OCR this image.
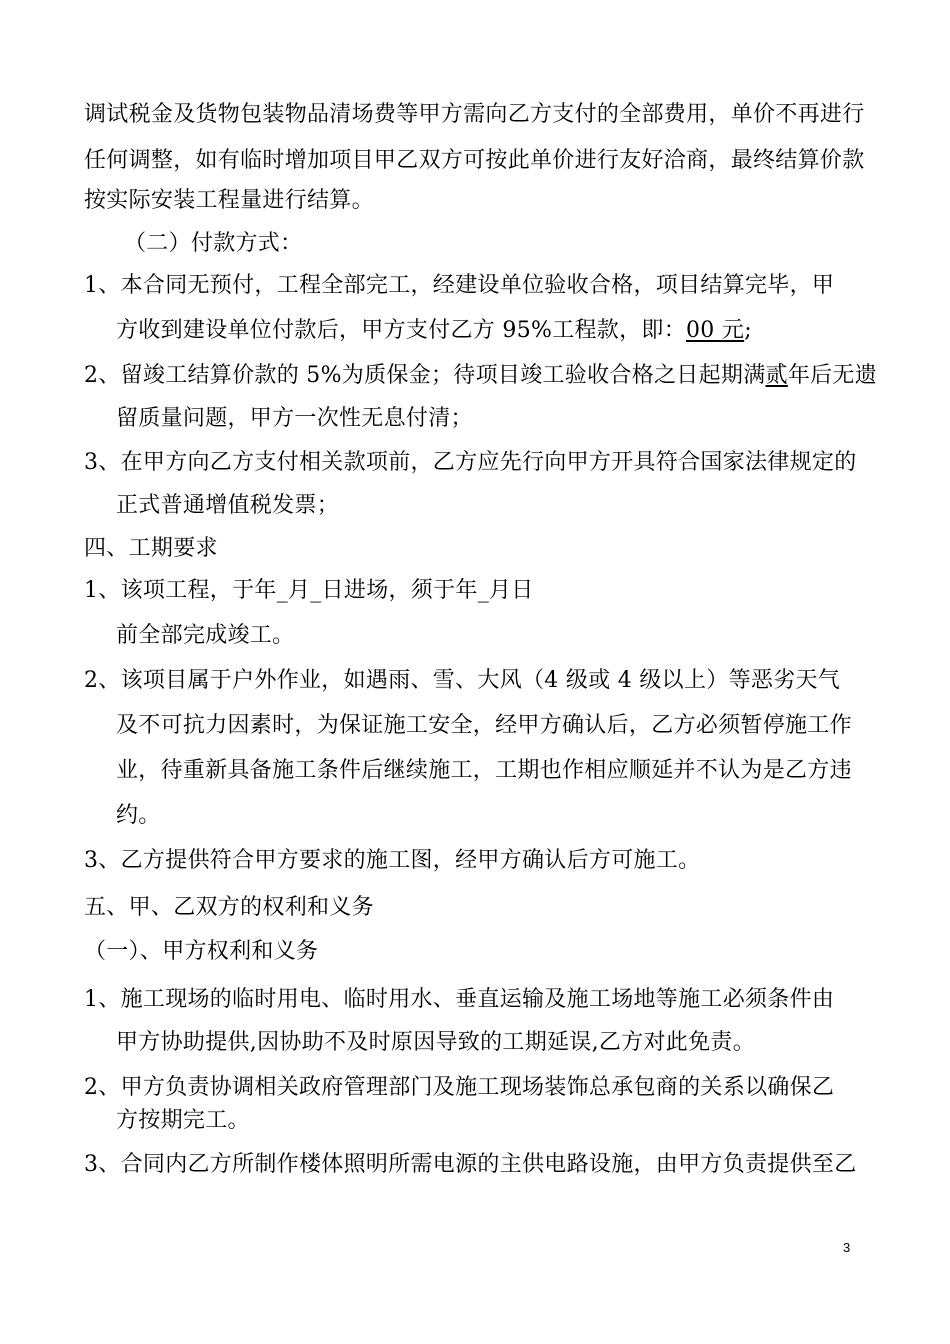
调试税金及货物包装物品清场费等甲方需向乙方支付的全部费用，单价不再进行
任何调整，如有临时增加项目甲乙双方可按此单价进行友好洽商，最终结算价款
按实际安装工程量进行结算。
（二）付款方式：
1、本合同无预付，工程全部完工，经建设单位验收合格，项目结算完毕，甲
方收到建设单位付款后，甲方支付乙方 95%工程款，即：00 元;
2、留竣工结算价款的 5%为质保金；待项目竣工验收合格之日起期满贰年后无遗
留质量问题，甲方一次性无息付清；
3、在甲方向乙方支付相关款项前，乙方应先行向甲方开具符合国家法律规定的
正式普通增值税发票；
四、工期要求
1、该项工程，于年_月_日进场，须于年_月日
前全部完成竣工。
2、该项目属于户外作业，如遇雨、雪、大风（4 级或 4 级以上）等恶劣天气
及不可抗力因素时，为保证施工安全，经甲方确认后，乙方必须暂停施工作
业，待重新具备施工条件后继续施工，工期也作相应顺延并不认为是乙方违
约。
3、乙方提供符合甲方要求的施工图，经甲方确认后方可施工。
五、甲、乙双方的权利和义务
（一）、甲方权利和义务
1、施工现场的临时用电、临时用水、垂直运输及施工场地等施工必须条件由
甲方协助提供,因协助不及时原因导致的工期延误,乙方对此免责。
2、甲方负责协调相关政府管理部门及施工现场装饰总承包商的关系以确保乙
方按期完工。
3、合同内乙方所制作楼体照明所需电源的主供电路设施，由甲方负责提供至乙
3
